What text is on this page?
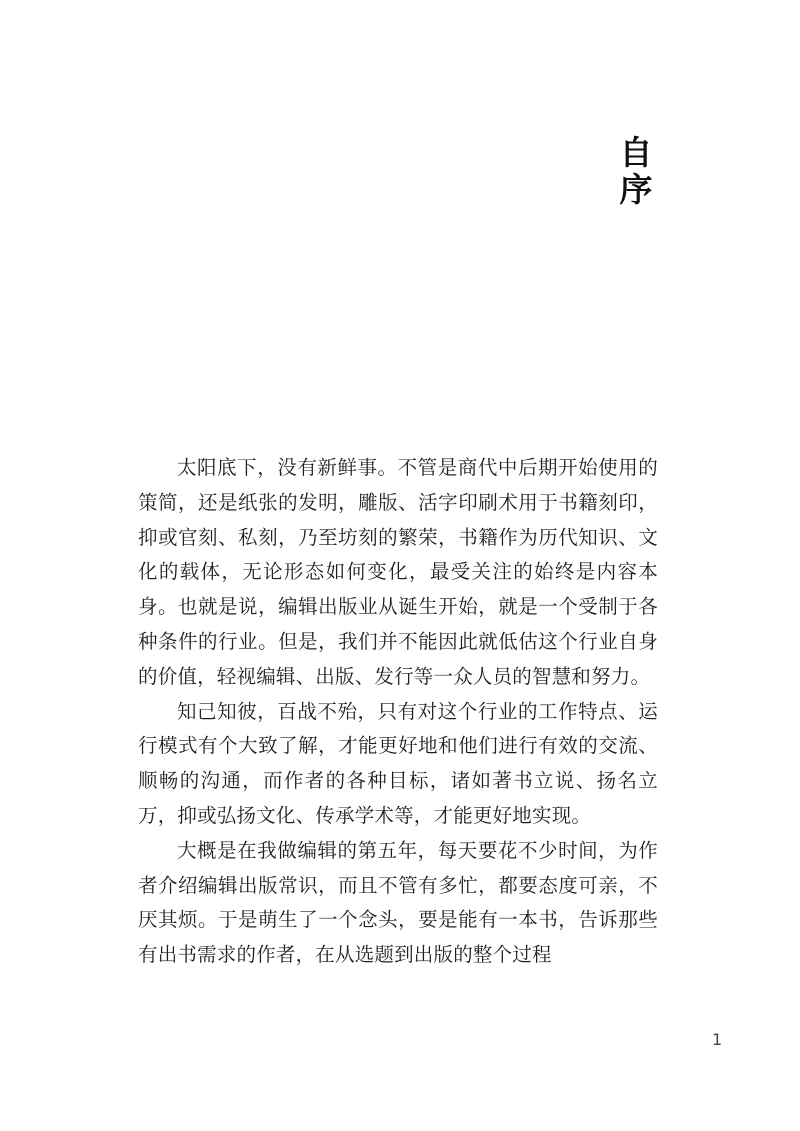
自
序

太阳底下，没有新鲜事。不管是商代中后期开始使用的策简，还是纸张的发明，雕版、活字印刷术用于书籍刻印，抑或官刻、私刻，乃至坊刻的繁荣，书籍作为历代知识、文化的载体，无论形态如何变化，最受关注的始终是内容本身。也就是说，编辑出版业从诞生开始，就是一个受制于各种条件的行业。但是，我们并不能因此就低估这个行业自身的价值，轻视编辑、出版、发行等一众人员的智慧和努力。

知己知彼，百战不殆，只有对这个行业的工作特点、运行模式有个大致了解，才能更好地和他们进行有效的交流、顺畅的沟通，而作者的各种目标，诸如著书立说、扬名立万，抑或弘扬文化、传承学术等，才能更好地实现。

大概是在我做编辑的第五年，每天要花不少时间，为作者介绍编辑出版常识，而且不管有多忙，都要态度可亲，不厌其烦。于是萌生了一个念头，要是能有一本书，告诉那些有出书需求的作者，在从选题到出版的整个过程

1
